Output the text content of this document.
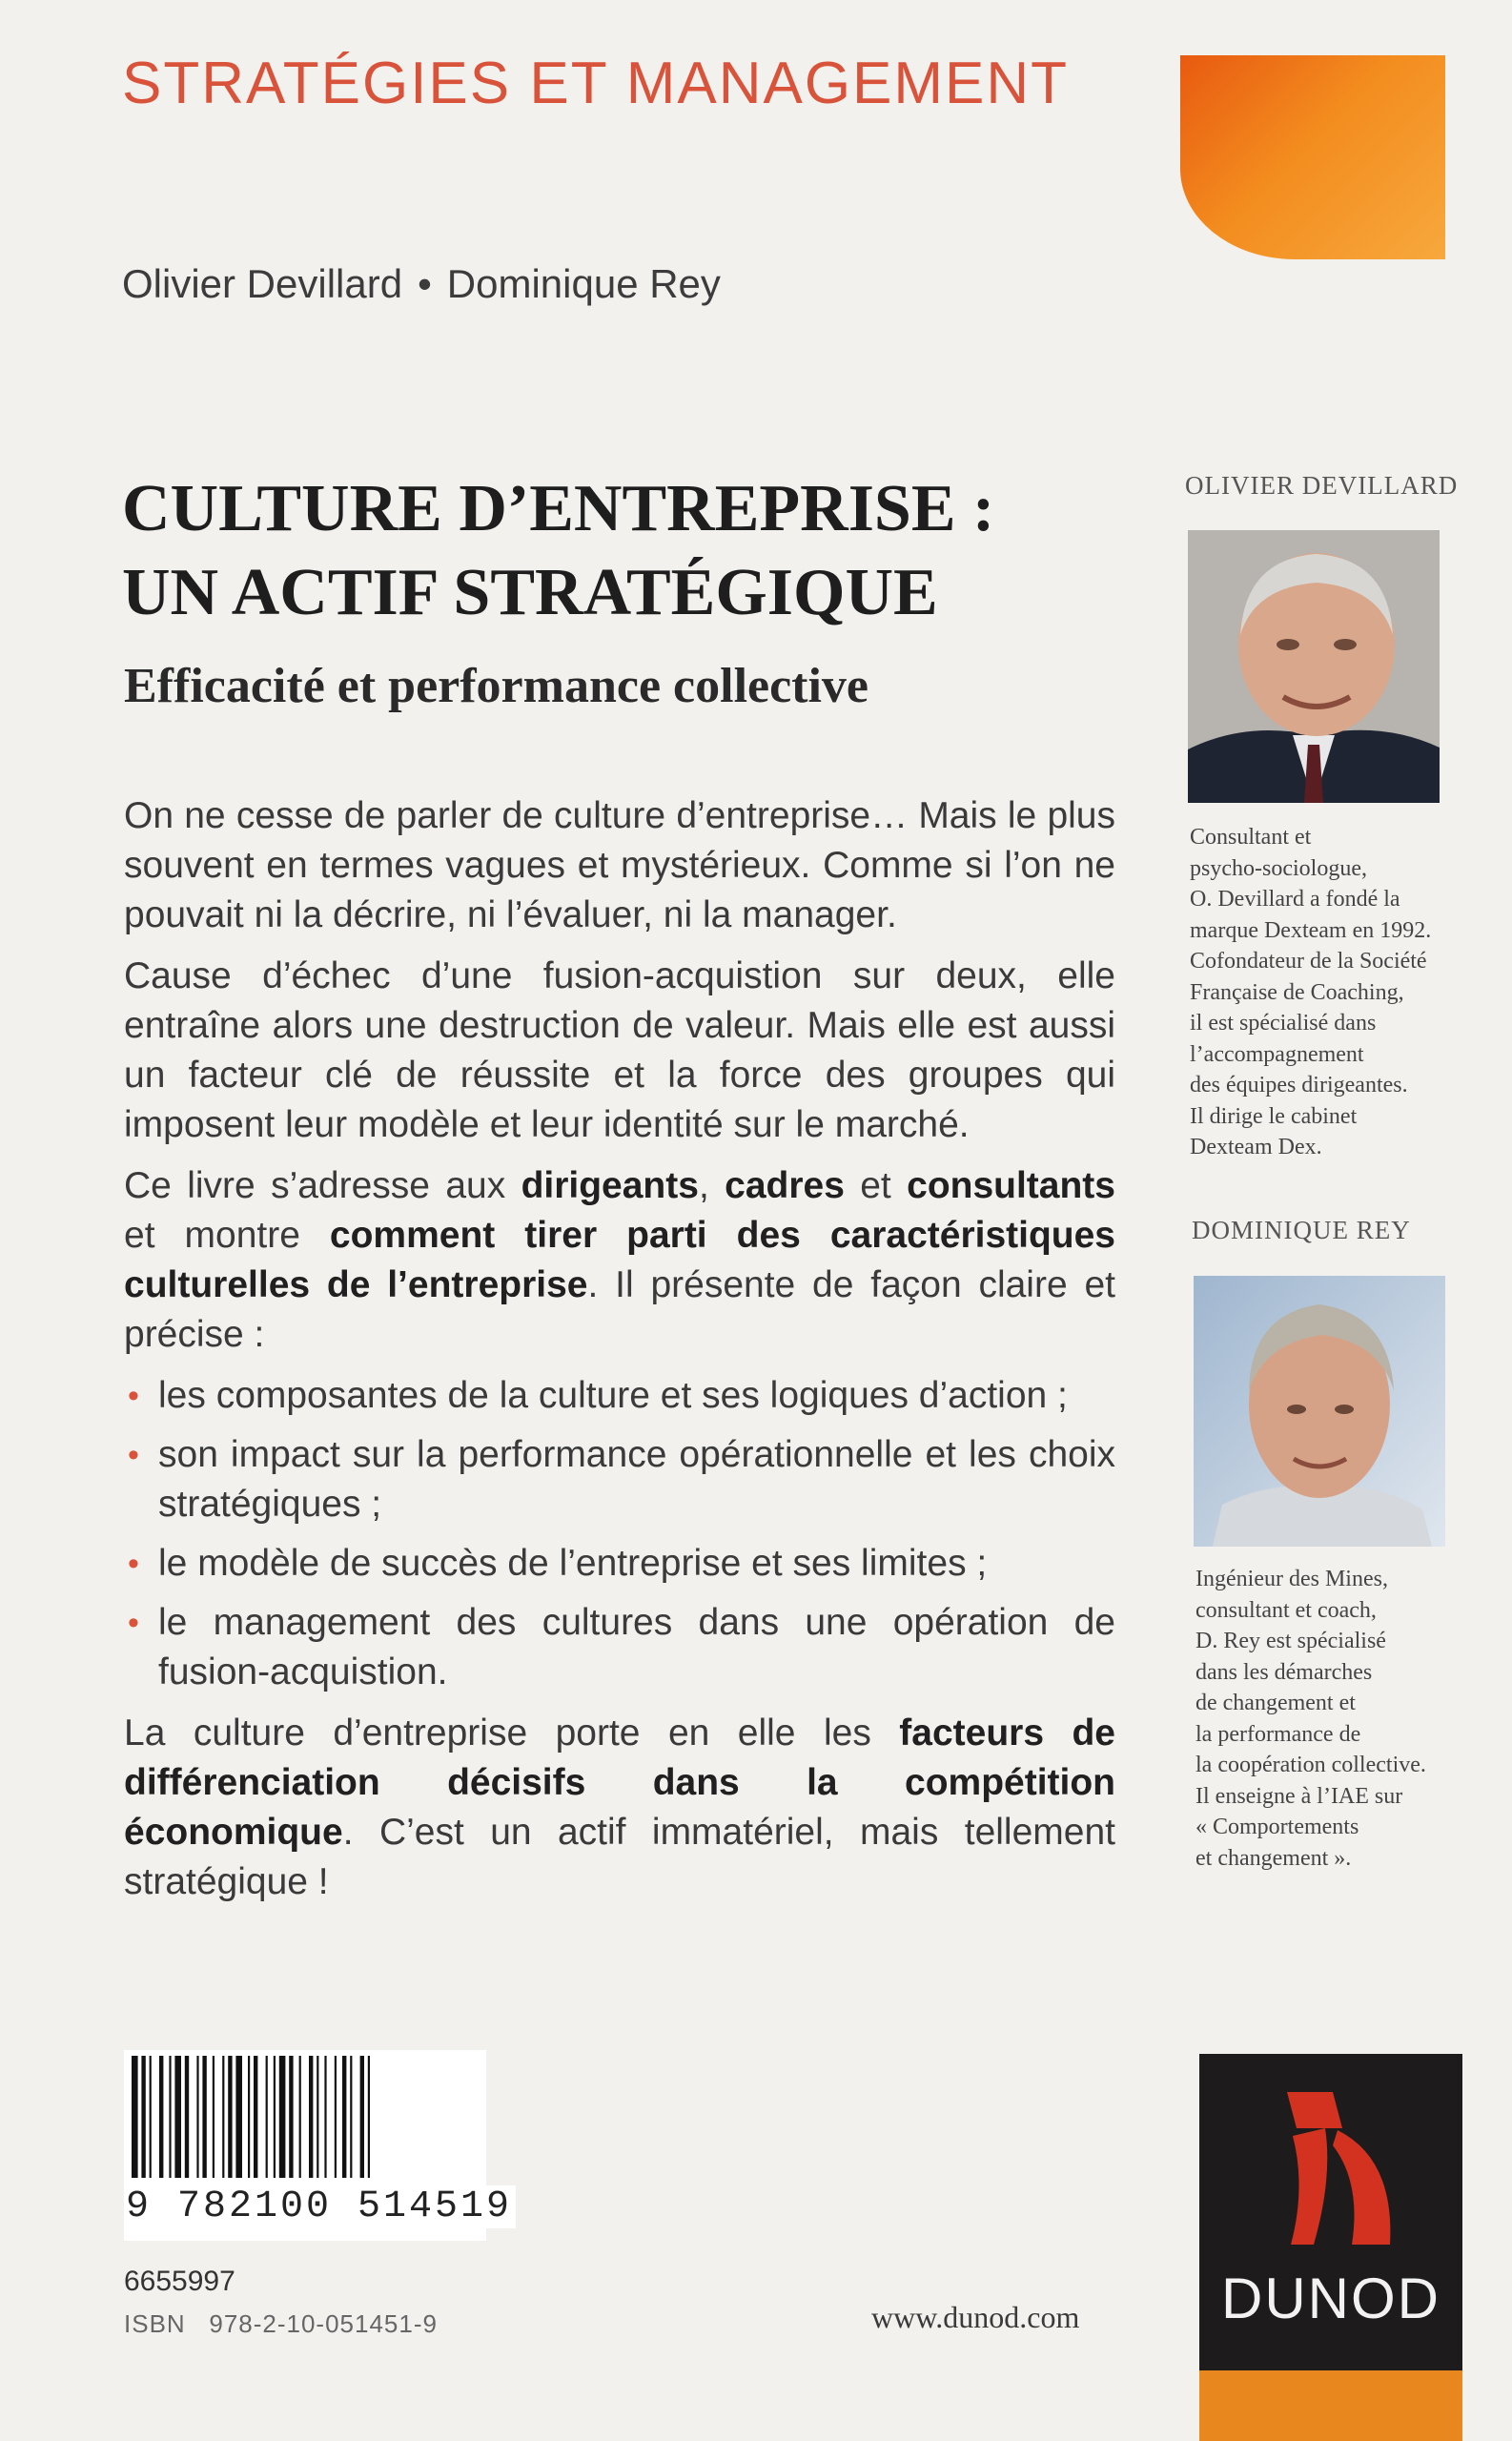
STRATÉGIES ET MANAGEMENT
Olivier Devillard • Dominique Rey
CULTURE D’ENTREPRISE :
UN ACTIF STRATÉGIQUE
Efficacité et performance collective

On ne cesse de parler de culture d’entreprise… Mais le plus souvent en termes vagues et mystérieux. Comme si l’on ne pouvait ni la décrire, ni l’évaluer, ni la manager.

Cause d’échec d’une fusion-acquistion sur deux, elle entraîne alors une destruction de valeur. Mais elle est aussi un facteur clé de réussite et la force des groupes qui imposent leur modèle et leur identité sur le marché.

Ce livre s’adresse aux dirigeants, cadres et consultants et montre comment tirer parti des caractéristiques culturelles de l’entreprise. Il présente de façon claire et précise :

• les composantes de la culture et ses logiques d’action ;
• son impact sur la performance opérationnelle et les choix stratégiques ;
• le modèle de succès de l’entreprise et ses limites ;
• le management des cultures dans une opération de fusion-acquistion.

La culture d’entreprise porte en elle les facteurs de différenciation décisifs dans la compétition économique. C’est un actif immatériel, mais tellement stratégique !

OLIVIER DEVILLARD
Consultant et
psycho-sociologue,
O. Devillard a fondé la
marque Dexteam en 1992.
Cofondateur de la Société
Française de Coaching,
il est spécialisé dans
l’accompagnement
des équipes dirigeantes.
Il dirige le cabinet
Dexteam Dex.
DOMINIQUE REY
Ingénieur des Mines,
consultant et coach,
D. Rey est spécialisé
dans les démarches
de changement et
la performance de
la coopération collective.
Il enseigne à l’IAE sur
« Comportements
et changement ».
9 782100 514519
6655997
ISBN   978-2-10-051451-9	www.dunod.com	DUNOD
